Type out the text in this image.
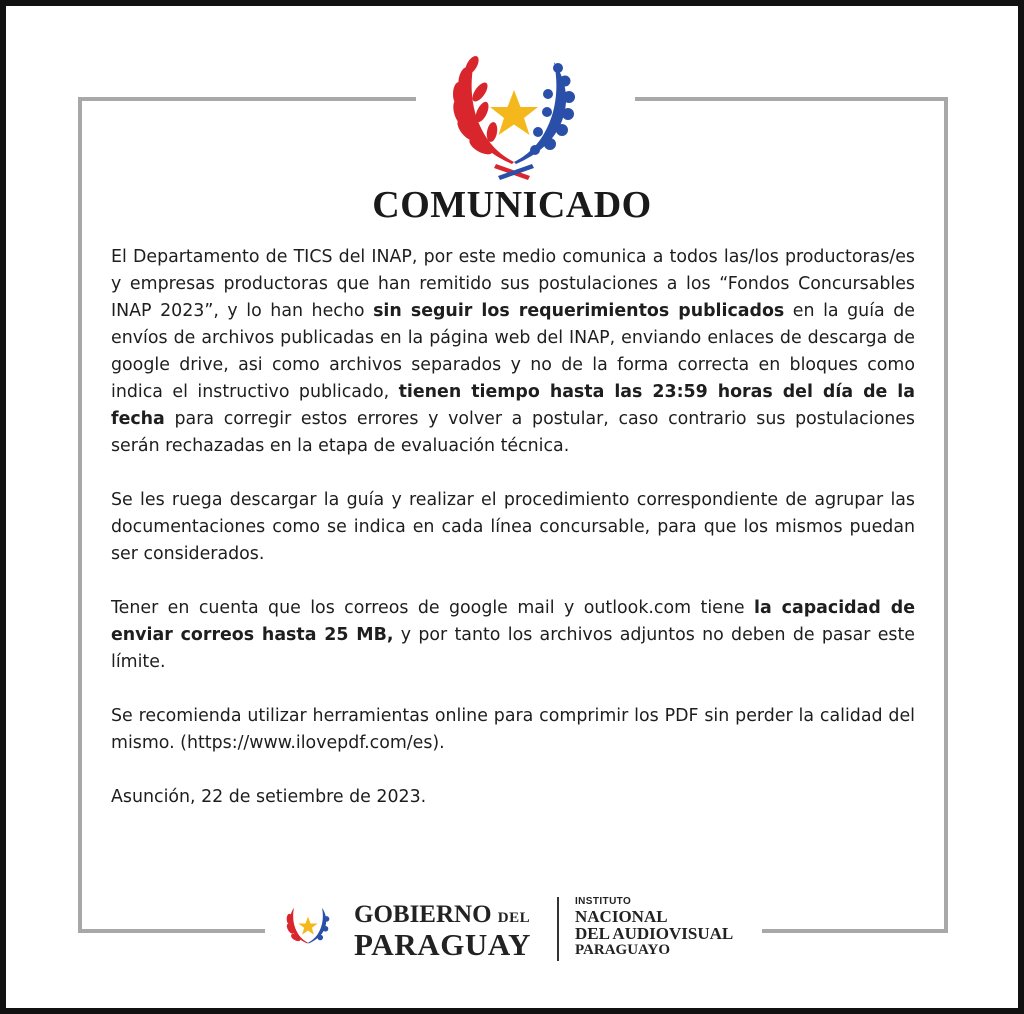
COMUNICADO

El Departamento de TICS del INAP, por este medio comunica a todos las/los productoras/es y empresas productoras que han remitido sus postulaciones a los “Fondos Concursables INAP 2023”, y lo han hecho sin seguir los requerimientos publicados en la guía de envíos de archivos publicadas en la página web del INAP, enviando enlaces de descarga de google drive, asi como archivos separados y no de la forma correcta en bloques como indica el instructivo publicado, tienen tiempo hasta las 23:59 horas del día de la fecha para corregir estos errores y volver a postular, caso contrario sus postulaciones serán rechazadas en la etapa de evaluación técnica.

Se les ruega descargar la guía y realizar el procedimiento correspondiente de agrupar las documentaciones como se indica en cada línea concursable, para que los mismos puedan ser considerados.

Tener en cuenta que los correos de google mail y outlook.com tiene la capacidad de enviar correos hasta 25 MB, y por tanto los archivos adjuntos no deben de pasar este límite.

Se recomienda utilizar herramientas online para comprimir los PDF sin perder la calidad del mismo. (https://www.ilovepdf.com/es).

Asunción, 22 de setiembre de 2023.

GOBIERNO DEL
PARAGUAY
INSTITUTO
NACIONAL
DEL AUDIOVISUAL
PARAGUAYO
